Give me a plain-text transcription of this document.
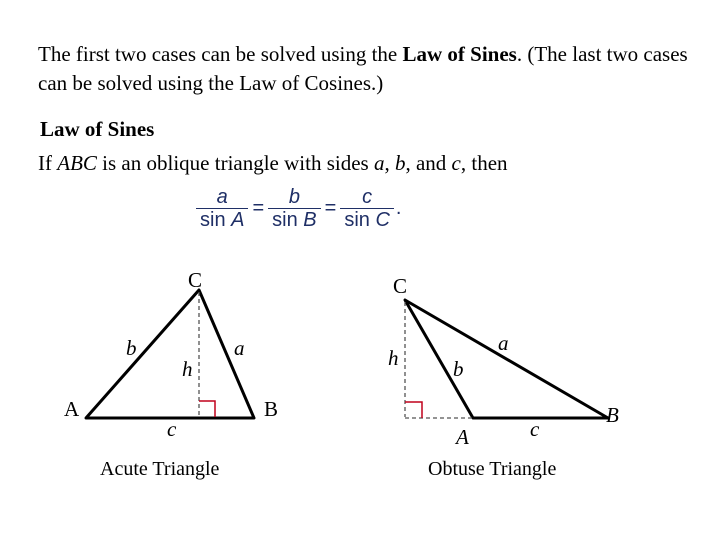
The first two cases can be solved using the Law of Sines. (The last two cases can be solved using the Law of Cosines.)

Law of Sines

If ABC is an oblique triangle with sides a, b, and c, then

$\frac{a}{\text{sin A}} = \frac{b}{\text{sin B}} = \frac{c}{\text{sin C}}$ .
C
b	a
h
A	B
c
Acute Triangle
C
a
h	b
A	c
B
Obtuse Triangle
